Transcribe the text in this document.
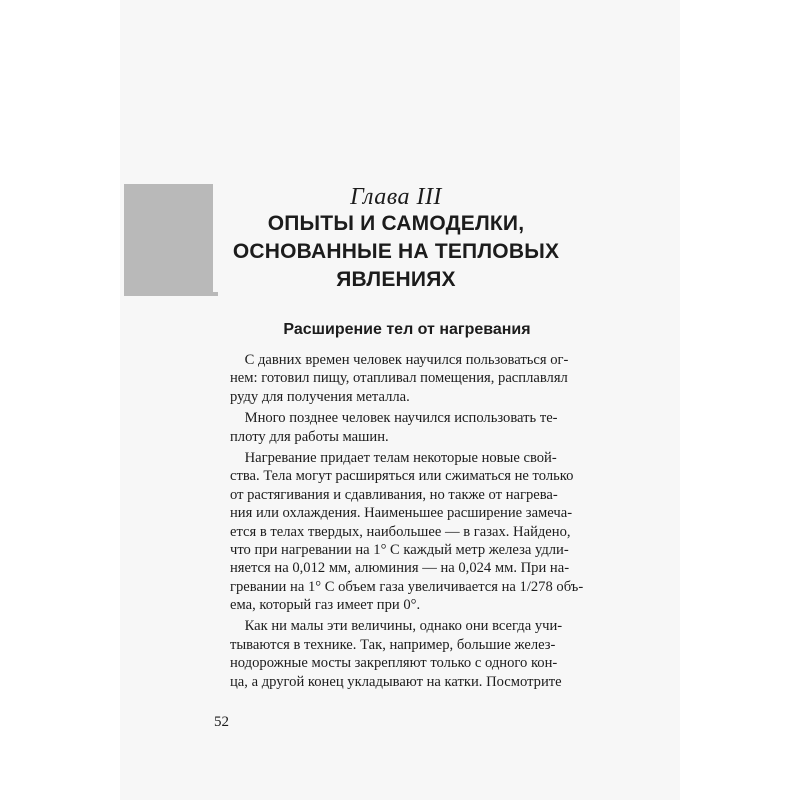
Глава III
ОПЫТЫ И САМОДЕЛКИ,
ОСНОВАННЫЕ НА ТЕПЛОВЫХ
ЯВЛЕНИЯХ
Расширение тел от нагревания
С давних времен человек научился пользоваться ог-
нем: готовил пищу, отапливал помещения, расплавлял
руду для получения металла.
Много позднее человек научился использовать те-
плоту для работы машин.
Нагревание придает телам некоторые новые свой-
ства. Тела могут расширяться или сжиматься не только
от растягивания и сдавливания, но также от нагрева-
ния или охлаждения. Наименьшее расширение замеча-
ется в телах твердых, наибольшее — в газах. Найдено,
что при нагревании на 1° С каждый метр железа удли-
няется на 0,012 мм, алюминия — на 0,024 мм. При на-
гревании на 1° С объем газа увеличивается на 1/278 объ-
ема, который газ имеет при 0°.
Как ни малы эти величины, однако они всегда учи-
тываются в технике. Так, например, большие желез-
нодорожные мосты закрепляют только с одного кон-
ца, а другой конец укладывают на катки. Посмотрите
52
